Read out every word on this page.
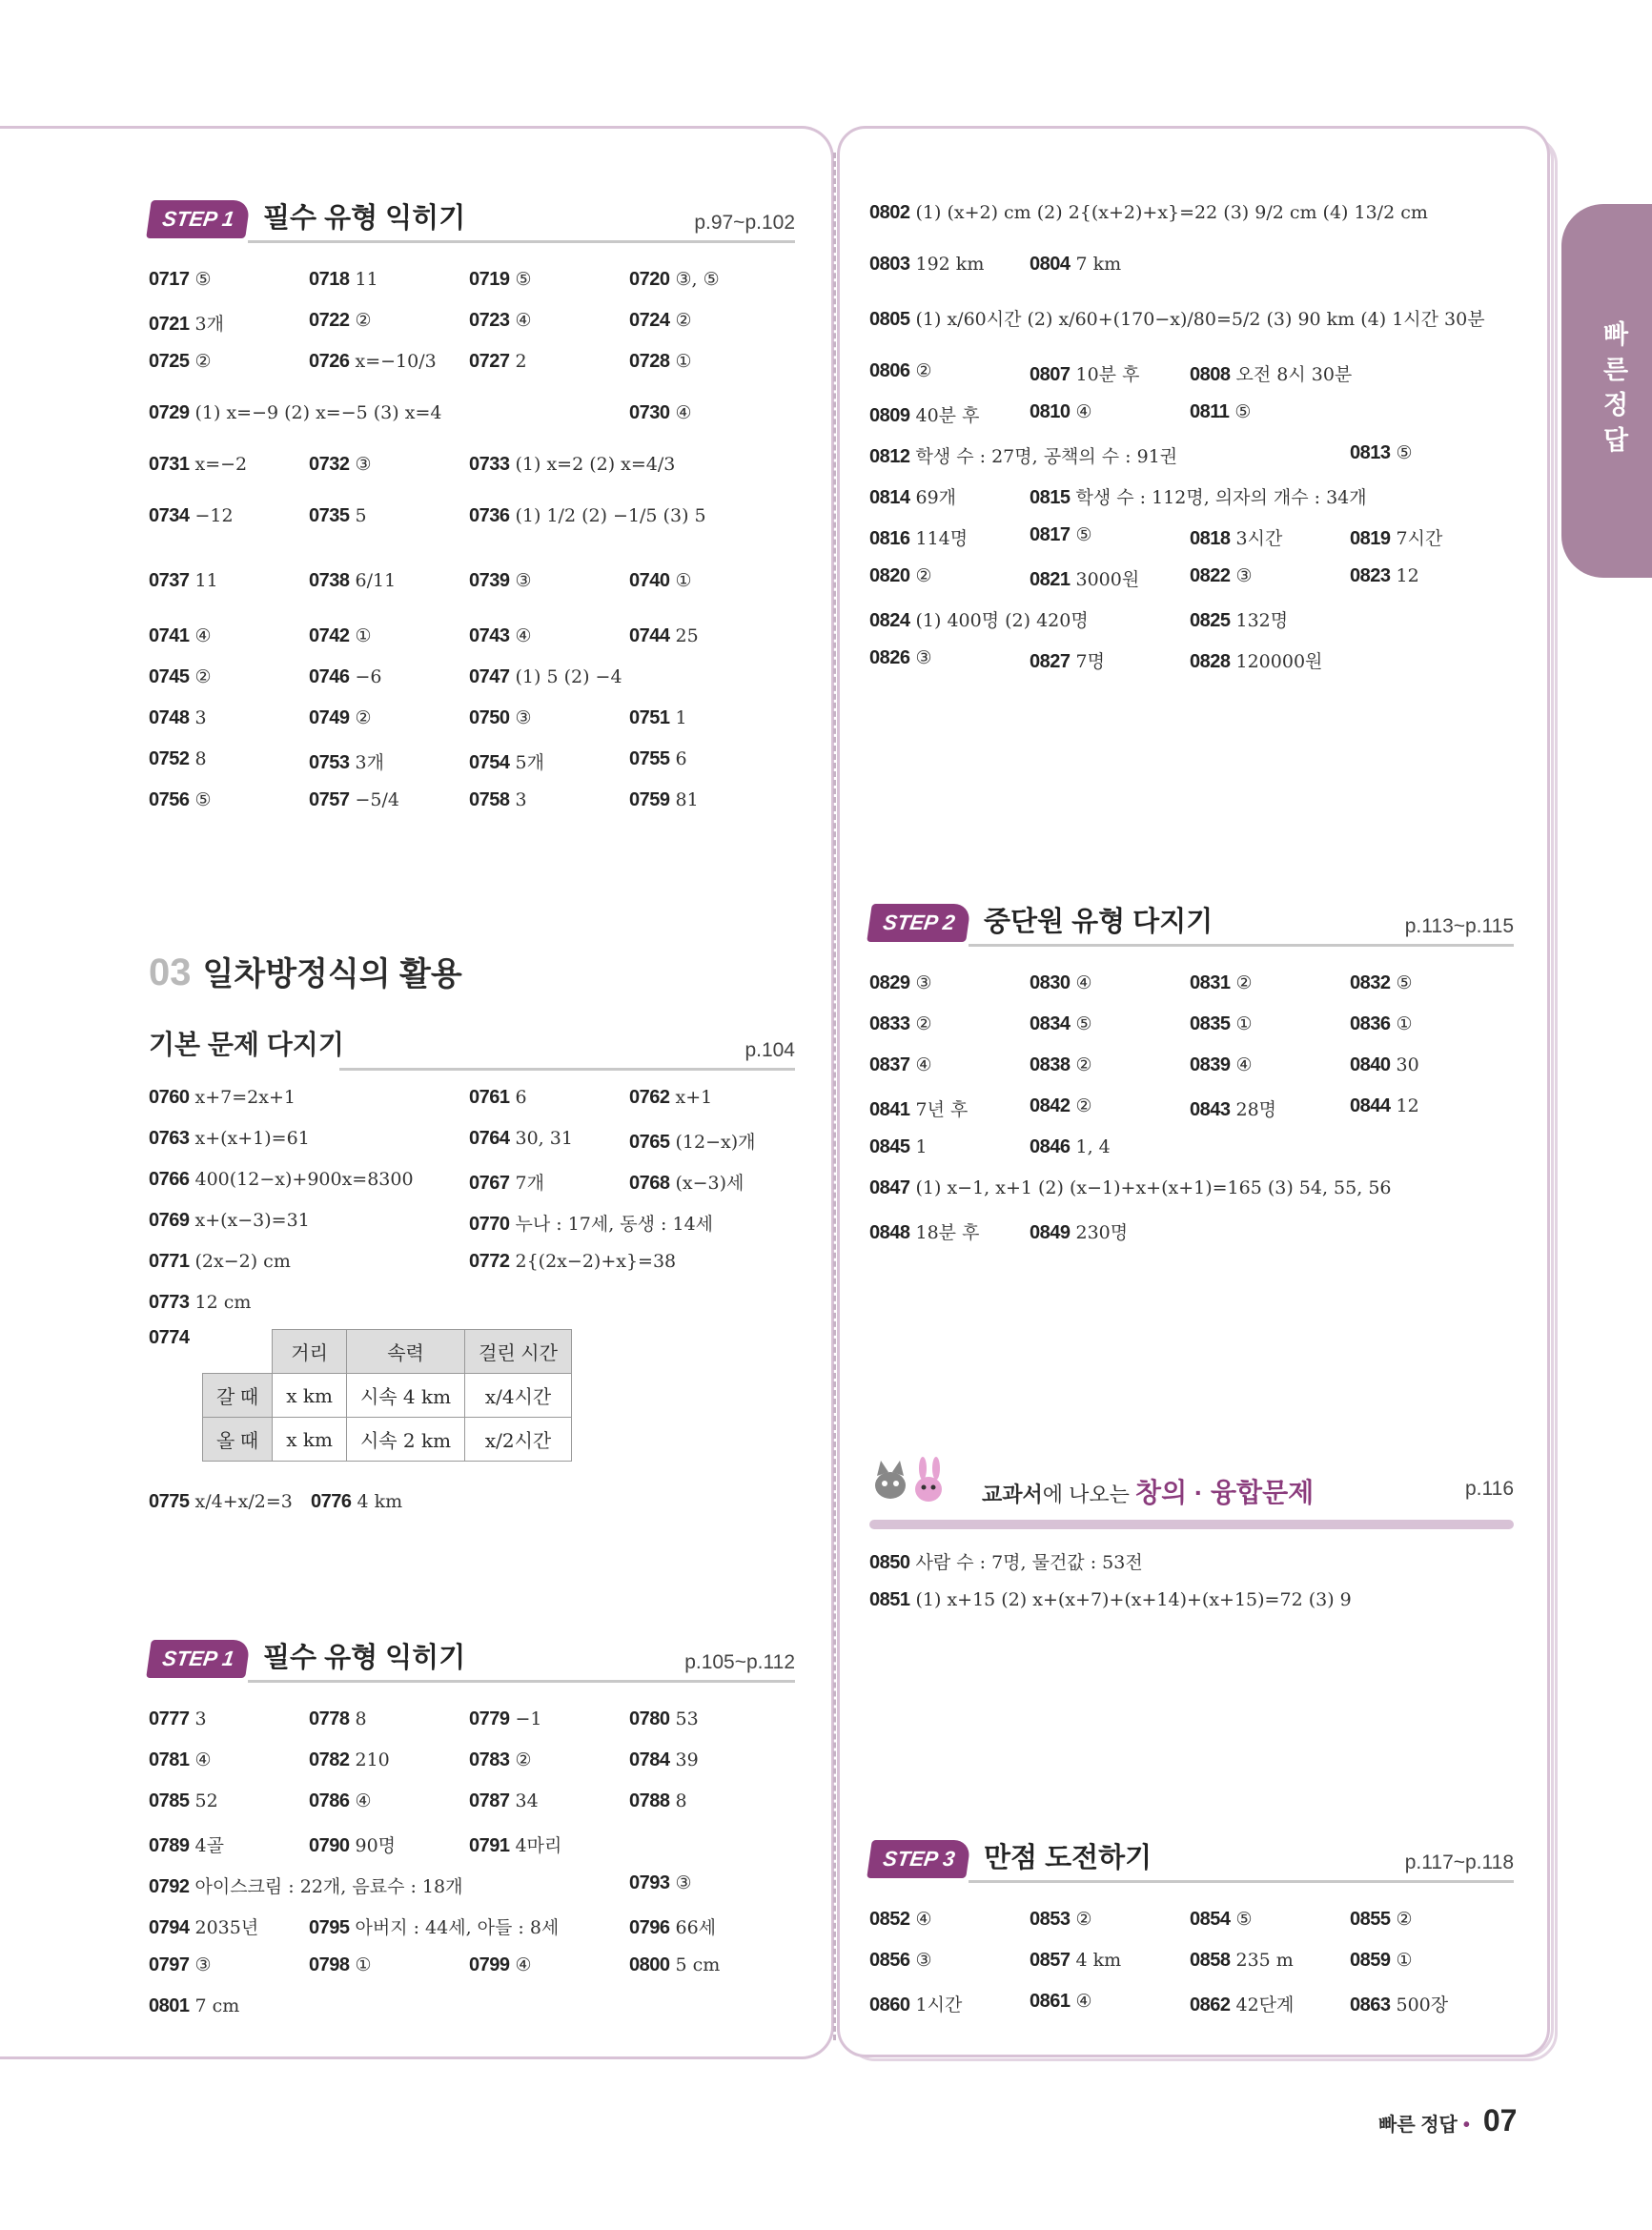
빠른정답
STEP 1 필수 유형 익히기	p.97~p.102
0717 ⑤	0718 11	0719 ⑤	0720 ③, ⑤
0721 3개	0722 ②	0723 ④	0724 ②
0725 ②	0726 x=−10/3 0727 2	0728 ①
0729 (1) x=−9 (2) x=−5 (3) x=4	0730 ④
0731 x=−2	0732 ③	0733 (1) x=2 (2) x=4/3
0734 −12	0735 5	0736 (1) 1/2 (2) −1/5 (3) 5
0737 11	0738 6/11	0739 ③	0740 ①
0741 ④	0742 ①	0743 ④	0744 25
0745 ②	0746 −6	0747 (1) 5 (2) −4
0748 3	0749 ②	0750 ③	0751 1
0752 8	0753 3개	0754 5개	0755 6
0756 ⑤	0757 −5/4	0758 3	0759 81
03 일차방정식의 활용
기본 문제 다지기	p.104
0760 x+7=2x+1	0761 6	0762 x+1
0763 x+(x+1)=61	0764 30, 31	0765 (12−x)개
0766 400(12−x)+900x=8300	0767 7개	0768 (x−3)세
0769 x+(x−3)=31	0770 누나 : 17세, 동생 : 14세
0771 (2x−2) cm	0772 2{(2x−2)+x}=38
0773 12 cm
0774
	거리	속력	걸린 시간
갈 때	x km	시속 4 km	x/4시간
올 때	x km	시속 2 km	x/2시간
0775 x/4+x/2=3 0776 4 km
STEP 1 필수 유형 익히기	p.105~p.112
0777 3	0778 8	0779 −1	0780 53
0781 ④	0782 210	0783 ②	0784 39
0785 52	0786 ④	0787 34	0788 8
0789 4골	0790 90명	0791 4마리
0792 아이스크림 : 22개, 음료수 : 18개	0793 ③
0794 2035년	0795 아버지 : 44세, 아들 : 8세	0796 66세
0797 ③	0798 ①	0799 ④	0800 5 cm
0801 7 cm
0802 (1) (x+2) cm (2) 2{(x+2)+x}=22 (3) 9/2 cm (4) 13/2 cm
0803 192 km 0804 7 km
0805 (1) x/60시간 (2) x/60+(170−x)/80=5/2 (3) 90 km (4) 1시간 30분
0806 ②	0807 10분 후	0808 오전 8시 30분
0809 40분 후	0810 ④	0811 ⑤
0812 학생 수 : 27명, 공책의 수 : 91권	0813 ⑤
0814 69개	0815 학생 수 : 112명, 의자의 개수 : 34개
0816 114명	0817 ⑤	0818 3시간	0819 7시간
0820 ②	0821 3000원	0822 ③	0823 12
0824 (1) 400명 (2) 420명	0825 132명
0826 ③	0827 7명	0828 120000원
STEP 2 중단원 유형 다지기	p.113~p.115
0829 ③	0830 ④	0831 ②	0832 ⑤
0833 ②	0834 ⑤	0835 ①	0836 ①
0837 ④	0838 ②	0839 ④	0840 30
0841 7년 후	0842 ②	0843 28명	0844 12
0845 1	0846 1, 4
0847 (1) x−1, x+1 (2) (x−1)+x+(x+1)=165 (3) 54, 55, 56
0848 18분 후	0849 230명
교과서에 나오는 창의 · 융합문제	p.116
0850 사람 수 : 7명, 물건값 : 53전
0851 (1) x+15 (2) x+(x+7)+(x+14)+(x+15)=72 (3) 9
STEP 3 만점 도전하기	p.117~p.118
0852 ④	0853 ②	0854 ⑤	0855 ②
0856 ③	0857 4 km	0858 235 m	0859 ①
0860 1시간	0861 ④	0862 42단계	0863 500장
빠른 정답 • 07
